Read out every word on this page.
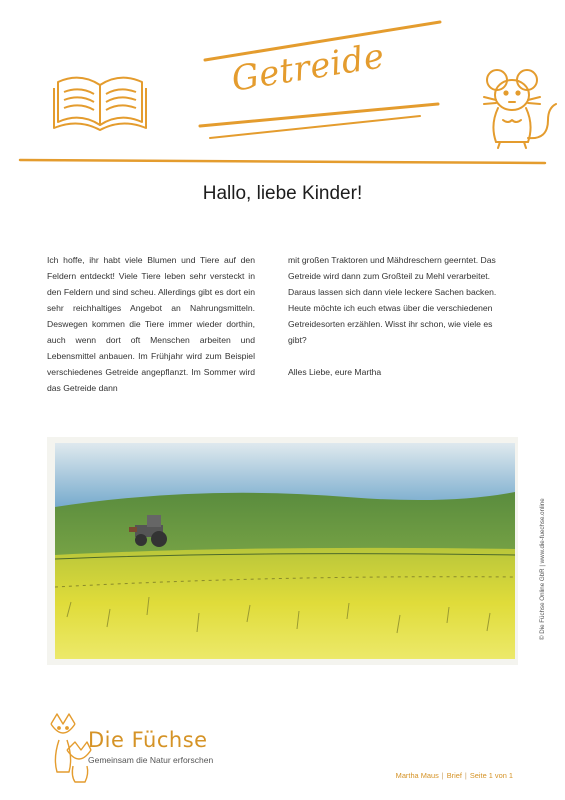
Getreide
Hallo, liebe Kinder!

Ich hoffe, ihr habt viele Blumen und Tiere auf den Feldern entdeckt! Viele Tiere leben sehr versteckt in den Feldern und sind scheu. Allerdings gibt es dort ein sehr reichhaltiges Angebot an Nahrungsmitteln. Deswegen kommen die Tiere immer wieder dorthin, auch wenn dort oft Menschen arbeiten und Lebensmittel anbauen. Im Frühjahr wird zum Beispiel verschiedenes Getreide angepflanzt. Im Sommer wird das Getreide dann

mit großen Traktoren und Mähdreschern geerntet. Das Getreide wird dann zum Großteil zu Mehl verarbeitet. Daraus lassen sich dann viele leckere Sachen backen. Heute möchte ich euch etwas über die verschiedenen Getreidesorten erzählen. Wisst ihr schon, wie viele es gibt?

Alles Liebe, eure Martha

© Die Füchse Online GbR | www.die-fuechse.online
Die Füchse
Gemeinsam die Natur erforschen
Martha Maus | Brief | Seite 1 von 1
